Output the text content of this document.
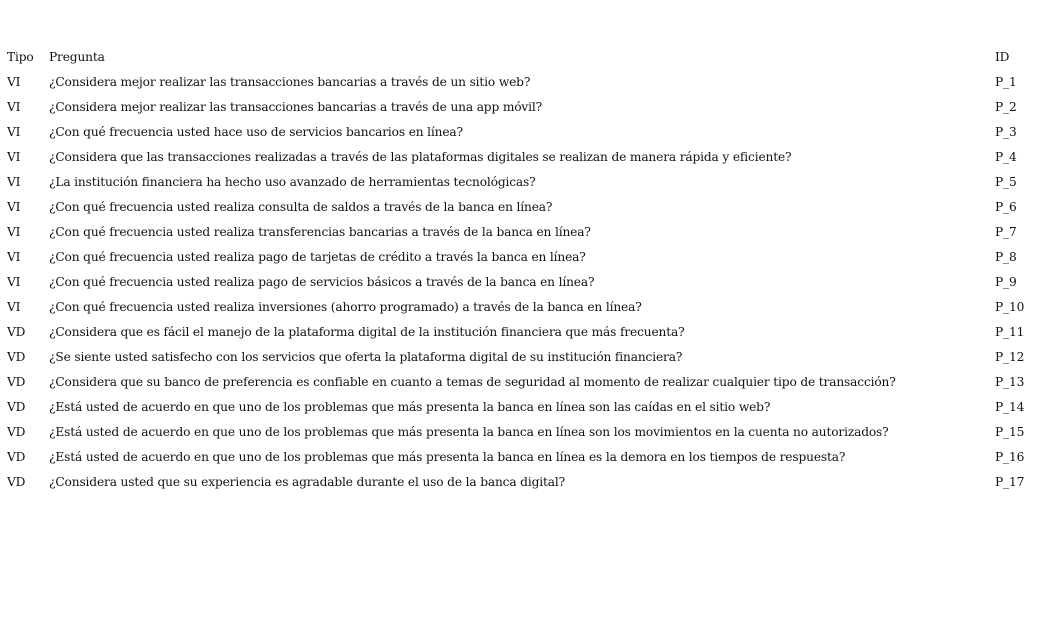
Tipo	Pregunta	ID
VI	¿Considera mejor realizar las transacciones bancarias a través de un sitio web?	P_1
VI	¿Considera mejor realizar las transacciones bancarias a través de una app móvil?	P_2
VI	¿Con qué frecuencia usted hace uso de servicios bancarios en línea?	P_3
VI	¿Considera que las transacciones realizadas a través de las plataformas digitales se realizan de manera rápida y eficiente?	P_4
VI	¿La institución financiera ha hecho uso avanzado de herramientas tecnológicas?	P_5
VI	¿Con qué frecuencia usted realiza consulta de saldos a través de la banca en línea?	P_6
VI	¿Con qué frecuencia usted realiza transferencias bancarias a través de la banca en línea?	P_7
VI	¿Con qué frecuencia usted realiza pago de tarjetas de crédito a través la banca en línea?	P_8
VI	¿Con qué frecuencia usted realiza pago de servicios básicos a través de la banca en línea?	P_9
VI	¿Con qué frecuencia usted realiza inversiones (ahorro programado) a través de la banca en línea?	P_10
VD	¿Considera que es fácil el manejo de la plataforma digital de la institución financiera que más frecuenta?	P_11
VD	¿Se siente usted satisfecho con los servicios que oferta la plataforma digital de su institución financiera?	P_12
VD	¿Considera que su banco de preferencia es confiable en cuanto a temas de seguridad al momento de realizar cualquier tipo de transacción?	P_13
VD	¿Está usted de acuerdo en que uno de los problemas que más presenta la banca en línea son las caídas en el sitio web?	P_14
VD	¿Está usted de acuerdo en que uno de los problemas que más presenta la banca en línea son los movimientos en la cuenta no autorizados?	P_15
VD	¿Está usted de acuerdo en que uno de los problemas que más presenta la banca en línea es la demora en los tiempos de respuesta?	P_16
VD	¿Considera usted que su experiencia es agradable durante el uso de la banca digital?	P_17
